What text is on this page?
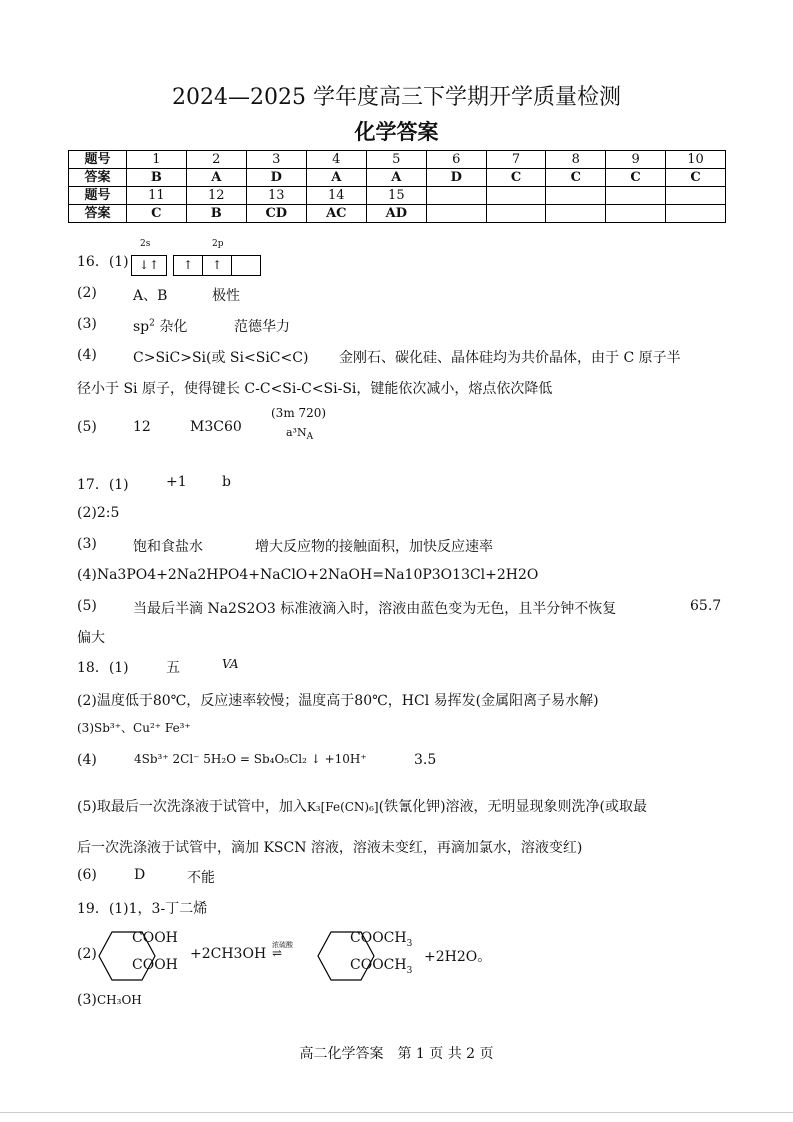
2024—2025 学年度高三下学期开学质量检测
化学答案
题号	1	2	3	4	5	6	7	8	9	10
答案	B	A	D	A	A	D	C	C	C	C
题号	11	12	13	14	15					
答案	C	B	CD	AC	AD					
16．(1)
2s	2p
↓↑	↑	↑
(2)	A、B	极性
(3)	$sp^2$ 杂化	范德华力
(4)	C>SiC>Si(或 Si<SiC<C) 金刚石、碳化硅、晶体硅均为共价晶体，由于 C 原子半
径小于 Si 原子，使得键长 C-C<Si-C<Si-Si，键能依次减小，熔点依次降低
(5)	12	M3C60
(3m 720)
$a^3N_A$
17．(1)	+1	b
(2)2:5
(3)	饱和食盐水	增大反应物的接触面积，加快反应速率
(4)Na3PO4+2Na2HPO4+NaClO+2NaOH=Na10P3O13Cl+2H2O
(5)	当最后半滴 Na2S2O3 标准液滴入时，溶液由蓝色变为无色，且半分钟不恢复	65.7
偏大
18．(1)	五	VA
(2)温度低于80℃，反应速率较慢；温度高于80℃，HCl 易挥发(金属阳离子易水解)
(3)Sb³⁺、Cu²⁺ Fe³⁺
(4)	4Sb³⁺ 2Cl⁻ 5H₂O = Sb₄O₅Cl₂ ↓ +10H⁺	3.5
(5)取最后一次洗涤液于试管中，加入K₃[Fe(CN)₆](铁氰化钾)溶液，无明显现象则洗净(或取最
后一次洗涤液于试管中，滴加 KSCN 溶液，溶液未变红，再滴加氯水，溶液变红)
(6)	D	不能
19．(1)1，3-丁二烯
(2)
COOH
COOH
+2CH3OH
浓硫酸
⇌
$COOCH_3$
$COOCH_3$
+2H2O。
(3) CH₃OH
高二化学答案　第 1 页 共 2 页
